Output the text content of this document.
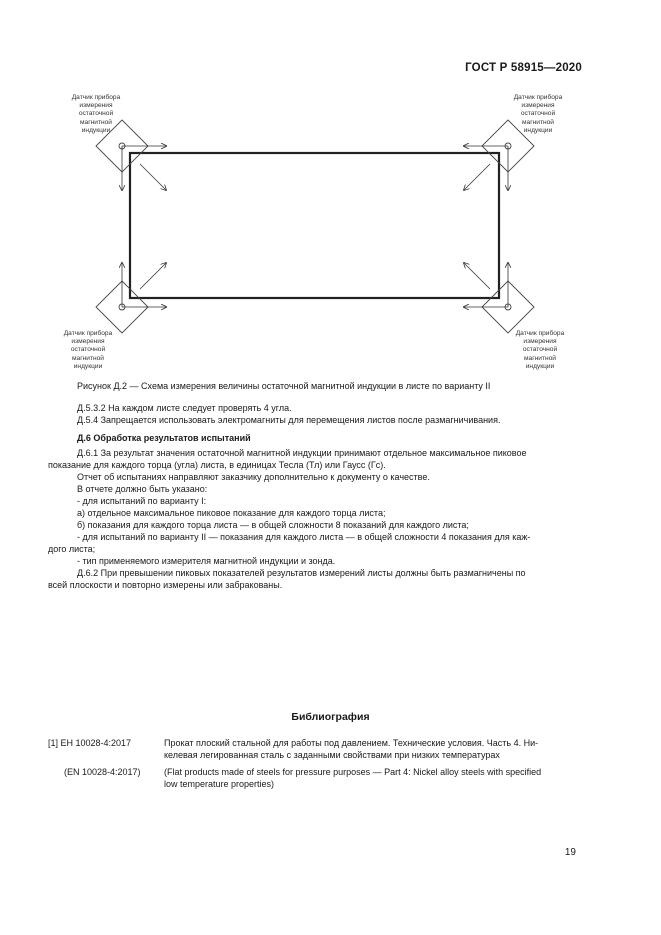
ГОСТ Р 58915—2020
Датчик прибора
измерения
остаточной
магнитной
индукции
Датчик прибора
измерения
остаточной
магнитной
индукции
Датчик прибора
измерения
остаточной
магнитной
индукции
Датчик прибора
измерения
остаточной
магнитной
индукции
Рисунок Д.2 — Схема измерения величины остаточной магнитной индукции в листе по варианту II
Д.5.3.2 На каждом листе следует проверять 4 угла.
Д.5.4 Запрещается использовать электромагниты для перемещения листов после размагничивания.
Д.6 Обработка результатов испытаний
Д.6.1 За результат значения остаточной магнитной индукции принимают отдельное максимальное пиковое
показание для каждого торца (угла) листа, в единицах Тесла (Тл) или Гаусс (Гс).
Отчет об испытаниях направляют заказчику дополнительно к документу о качестве.
В отчете должно быть указано:
- для испытаний по варианту I:
а) отдельное максимальное пиковое показание для каждого торца листа;
б) показания для каждого торца листа — в общей сложности 8 показаний для каждого листа;
- для испытаний по варианту II — показания для каждого листа — в общей сложности 4 показания для каж-
дого листа;
- тип применяемого измерителя магнитной индукции и зонда.
Д.6.2 При превышении пиковых показателей результатов измерений листы должны быть размагничены по
всей плоскости и повторно измерены или забракованы.
Библиография
[1] ЕН 10028-4:2017	Прокат плоский стальной для работы под давлением. Технические условия. Часть 4. Ни-
келевая легированная сталь с заданными свойствами при низких температурах
(EN 10028-4:2017)	(Flat products made of steels for pressure purposes — Part 4: Nickel alloy steels with specified
low temperature properties)
19
